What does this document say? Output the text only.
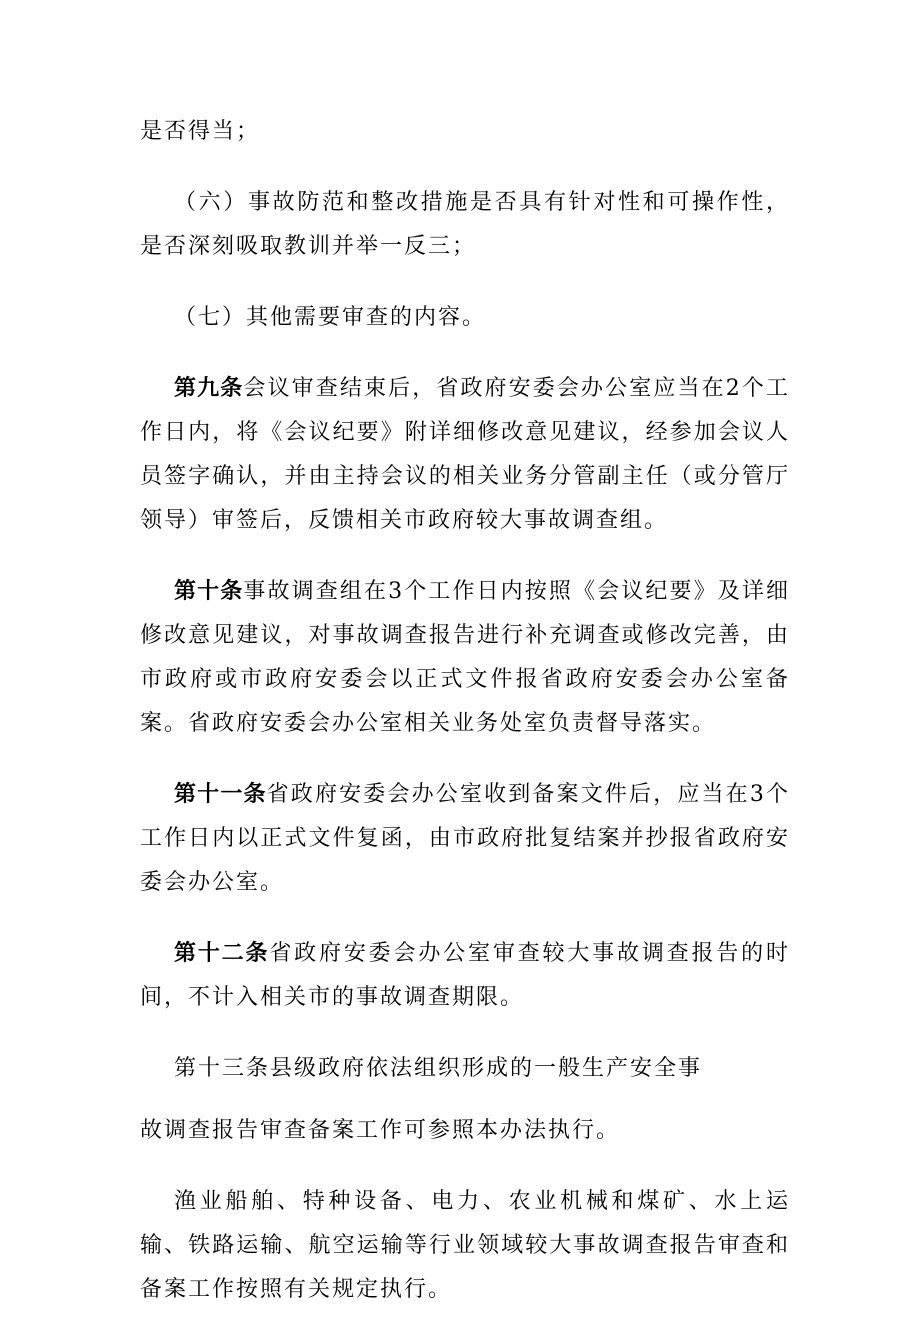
是否得当；

（六）事故防范和整改措施是否具有针对性和可操作性，是否深刻吸取教训并举一反三；

（七）其他需要审查的内容。

第九条会议审查结束后，省政府安委会办公室应当在2个工作日内，将《会议纪要》附详细修改意见建议，经参加会议人员签字确认，并由主持会议的相关业务分管副主任（或分管厅领导）审签后，反馈相关市政府较大事故调查组。

第十条事故调查组在3个工作日内按照《会议纪要》及详细修改意见建议，对事故调查报告进行补充调查或修改完善，由市政府或市政府安委会以正式文件报省政府安委会办公室备案。省政府安委会办公室相关业务处室负责督导落实。

第十一条省政府安委会办公室收到备案文件后，应当在3个工作日内以正式文件复函，由市政府批复结案并抄报省政府安委会办公室。

第十二条省政府安委会办公室审查较大事故调查报告的时间，不计入相关市的事故调查期限。

第十三条县级政府依法组织形成的一般生产安全事

故调查报告审查备案工作可参照本办法执行。

渔业船舶、特种设备、电力、农业机械和煤矿、水上运输、铁路运输、航空运输等行业领域较大事故调查报告审查和备案工作按照有关规定执行。
